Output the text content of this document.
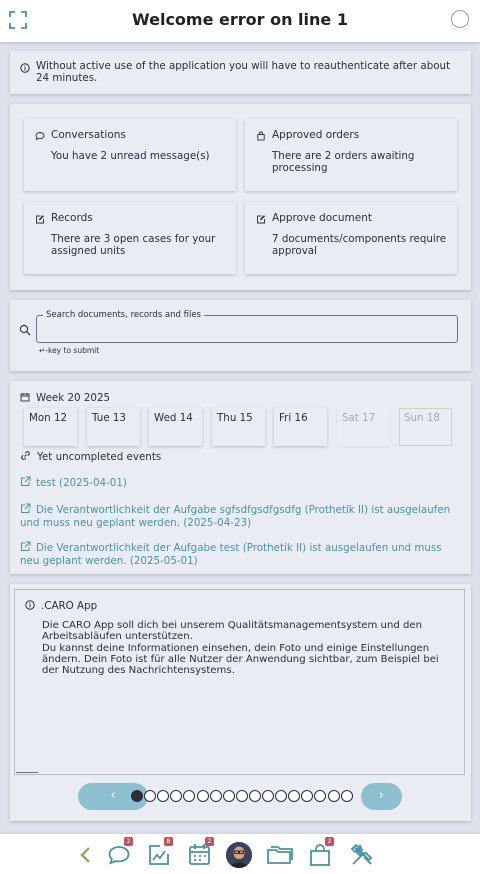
Welcome error on line 1
Without active use of the application you will have to reauthenticate after about 24 minutes.
Conversations
You have 2 unread message(s)
Approved orders
There are 2 orders awaiting processing
Records
There are 3 open cases for your assigned units
Approve document
7 documents/components require approval
Search documents, records and files
↵-key to submit
Week 20 2025
Mon 12	Tue 13	Wed 14	Thu 15	Fri 16	Sat 17	Sun 18
Yet uncompleted events
test (2025-04-01)
Die Verantwortlichkeit der Aufgabe sgfsdfgsdfgsdfg (Prothetik II) ist ausgelaufen und muss neu geplant werden. (2025-04-23)
Die Verantwortlichkeit der Aufgabe test (Prothetik II) ist ausgelaufen und muss neu geplant werden. (2025-05-01)
.CARO App
Die CARO App soll dich bei unserem Qualitätsmanagementsystem und den Arbeitsabläufen unterstützen.
Du kannst deine Informationen einsehen, dein Foto und einige Einstellungen ändern. Dein Foto ist für alle Nutzer der Anwendung sichtbar, zum Beispiel bei der Nutzung des Nachrichtensystems.
‹	›
2	8	2	2
